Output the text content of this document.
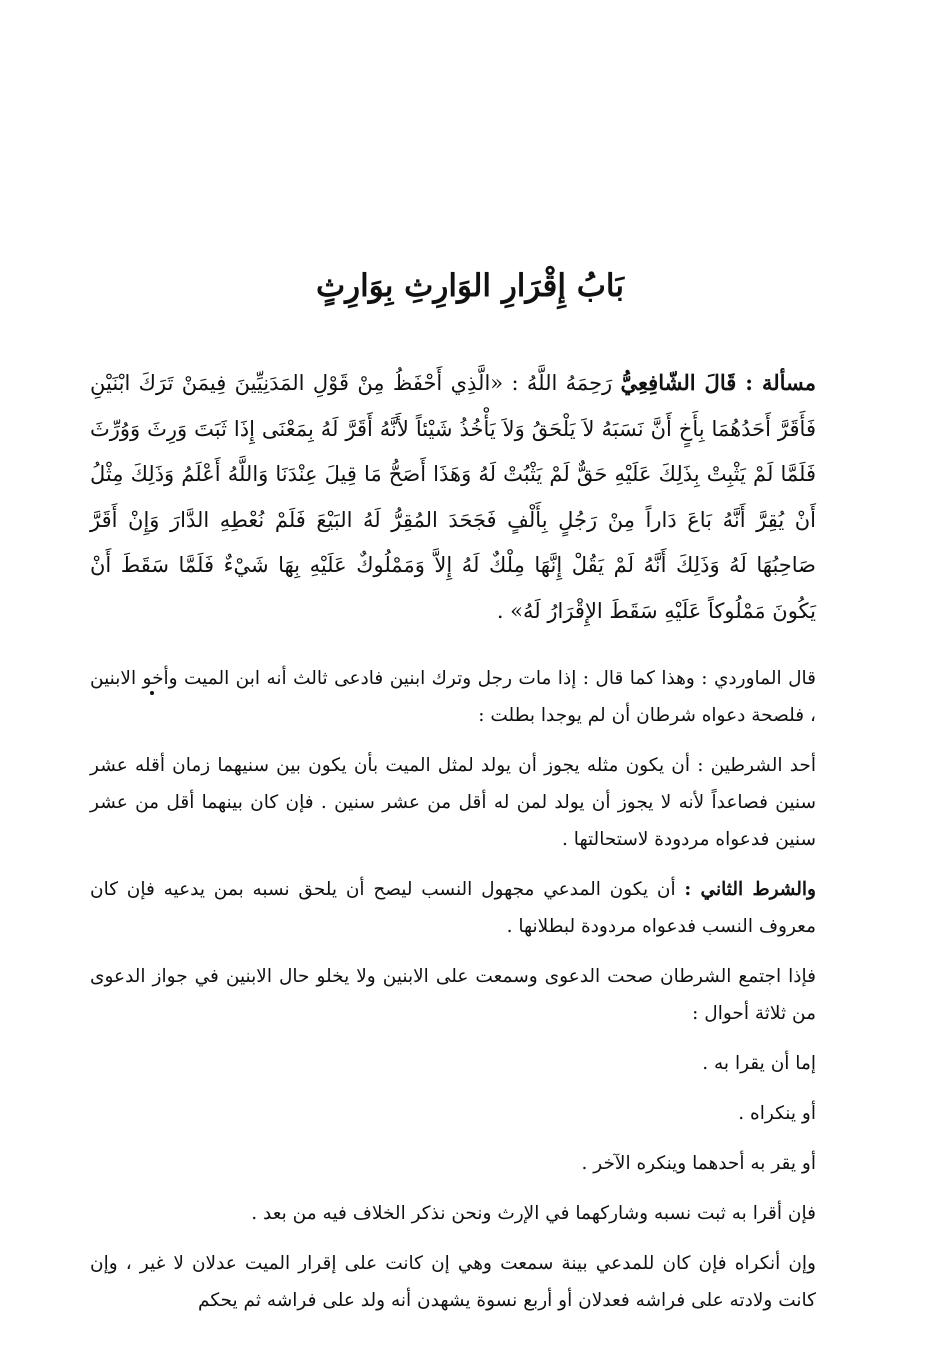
بَابُ إِقْرَارِ الوَارِثِ بِوَارِثٍ

مسألة : قَالَ الشّافِعِيُّ رَحِمَهُ اللَّهُ : «الَّذِي أَحْفَظُ مِنْ قَوْلِ المَدَنِيِّينَ فِيمَنْ تَرَكَ ابْنَيْنِ فَأَقَرَّ أَحَدُهُمَا بِأَخٍ أَنَّ نَسَبَهُ لاَ يَلْحَقُ وَلاَ يَأْخُذُ شَيْئاً لأَنَّهُ أَقَرَّ لَهُ بِمَعْنَى إِذَا ثَبَتَ وَرِثَ وَوُرِّثَ فَلَمَّا لَمْ يَثْبِتْ بِذَلِكَ عَلَيْهِ حَقٌّ لَمْ يَثْبُتْ لَهُ وَهَذَا أَصَحُّ مَا قِيلَ عِنْدَنَا وَاللَّهُ أَعْلَمُ وَذَلِكَ مِثْلُ أَنْ يُقِرَّ أَنَّهُ بَاعَ دَاراً مِنْ رَجُلٍ بِأَلْفٍ فَجَحَدَ المُقِرُّ لَهُ البَيْعَ فَلَمْ نُعْطِهِ الدَّارَ وَإِنْ أَقَرَّ صَاحِبُهَا لَهُ وَذَلِكَ أَنَّهُ لَمْ يَقُلْ إِنَّهَا مِلْكٌ لَهُ إِلاَّ وَمَمْلُوكٌ عَلَيْهِ بِهَا شَيْءٌ فَلَمَّا سَقَطَ أَنْ يَكُونَ مَمْلُوكاً عَلَيْهِ سَقَطَ الإِقْرَارُ لَهُ» .

قال الماوردي : وهذا كما قال : إذا مات رجل وترك ابنين فادعى ثالث أنه ابن الميت وأخو الابنين ، فلصحة دعواه شرطان أن لم يوجدا بطلت :

أحد الشرطين : أن يكون مثله يجوز أن يولد لمثل الميت بأن يكون بين سنيهما زمان أقله عشر سنين فصاعداً لأنه لا يجوز أن يولد لمن له أقل من عشر سنين . فإن كان بينهما أقل من عشر سنين فدعواه مردودة لاستحالتها .

والشرط الثاني : أن يكون المدعي مجهول النسب ليصح أن يلحق نسبه بمن يدعيه فإن كان معروف النسب فدعواه مردودة لبطلانها .

فإذا اجتمع الشرطان صحت الدعوى وسمعت على الابنين ولا يخلو حال الابنين في جواز الدعوى من ثلاثة أحوال :

إما أن يقرا به .

أو ينكراه .

أو يقر به أحدهما وينكره الآخر .

فإن أقرا به ثبت نسبه وشاركهما في الإرث ونحن نذكر الخلاف فيه من بعد .

وإن أنكراه فإن كان للمدعي بينة سمعت وهي إن كانت على إقرار الميت عدلان لا غير ، وإن كانت ولادته على فراشه فعدلان أو أربع نسوة يشهدن أنه ولد على فراشه ثم يحكم
